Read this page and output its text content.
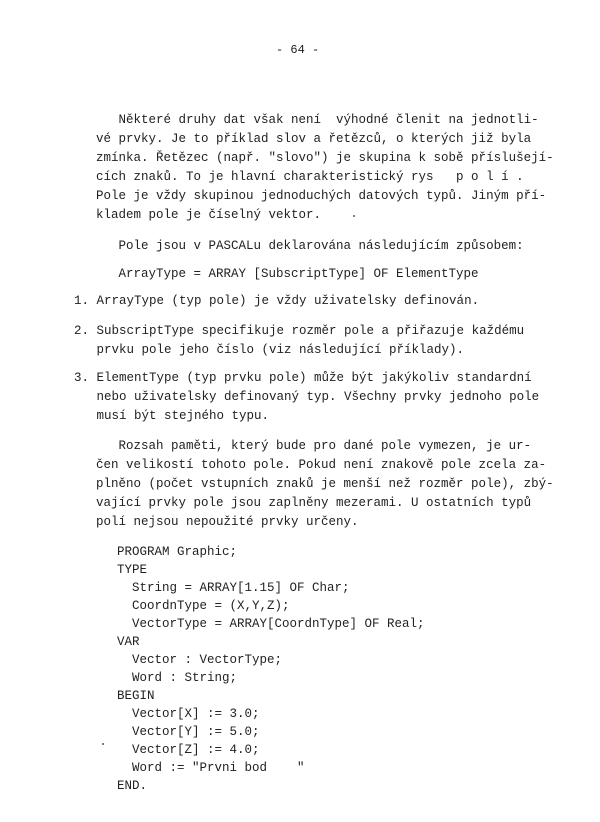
- 64 -
Některé druhy dat však není  výhodné členit na jednotli-
vé prvky. Je to příklad slov a řetězců, o kterých již byla
zmínka. Řetězec (např. "slovo") je skupina k sobě příslušejí-
cích znaků. To je hlavní charakteristický rys   p o l í .
Pole je vždy skupinou jednoduchých datových typů. Jiným pří-
kladem pole je číselný vektor.
Pole jsou v PASCALu deklarována následujícím způsobem:
ArrayType = ARRAY [SubscriptType] OF ElementType
1. ArrayType (typ pole) je vždy uživatelsky definován.
2. SubscriptType specifikuje rozměr pole a přiřazuje každému
prvku pole jeho číslo (viz následující příklady).
3. ElementType (typ prvku pole) může být jakýkoliv standardní
nebo uživatelsky definovaný typ. Všechny prvky jednoho pole
musí být stejného typu.
Rozsah paměti, který bude pro dané pole vymezen, je ur-
čen velikostí tohoto pole. Pokud není znakově pole zcela za-
plněno (počet vstupních znaků je menší než rozměr pole), zbý-
vající prvky pole jsou zaplněny mezerami. U ostatních typů
polí nejsou nepoužité prvky určeny.
PROGRAM Graphic;
TYPE
String = ARRAY[1.15] OF Char;
CoordnType = (X,Y,Z);
VectorType = ARRAY[CoordnType] OF Real;
VAR
Vector : VectorType;
Word : String;
BEGIN
Vector[X] := 3.0;
Vector[Y] := 5.0;
Vector[Z] := 4.0;
Word := "Prvni bod    "
END.
